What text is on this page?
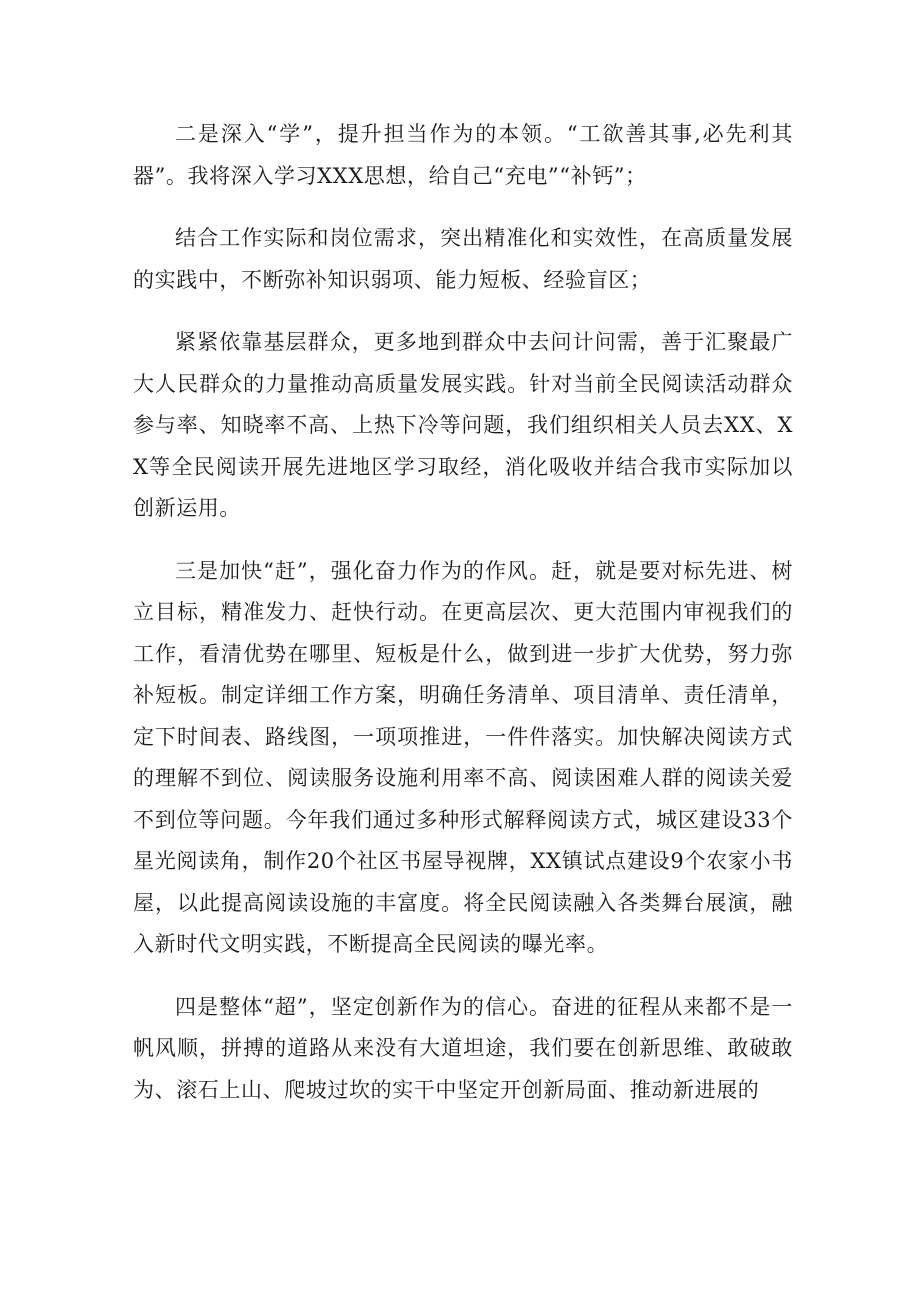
二是深入“学”，提升担当作为的本领。“工欲善其事,必先利其器”。我将深入学习XXX思想，给自己“充电”“补钙”；

结合工作实际和岗位需求，突出精准化和实效性，在高质量发展的实践中，不断弥补知识弱项、能力短板、经验盲区；

紧紧依靠基层群众，更多地到群众中去问计问需，善于汇聚最广大人民群众的力量推动高质量发展实践。针对当前全民阅读活动群众参与率、知晓率不高、上热下冷等问题，我们组织相关人员去XX、XX等全民阅读开展先进地区学习取经，消化吸收并结合我市实际加以创新运用。

三是加快“赶”，强化奋力作为的作风。赶，就是要对标先进、树立目标，精准发力、赶快行动。在更高层次、更大范围内审视我们的工作，看清优势在哪里、短板是什么，做到进一步扩大优势，努力弥补短板。制定详细工作方案，明确任务清单、项目清单、责任清单，定下时间表、路线图，一项项推进，一件件落实。加快解决阅读方式的理解不到位、阅读服务设施利用率不高、阅读困难人群的阅读关爱不到位等问题。今年我们通过多种形式解释阅读方式，城区建设33个星光阅读角，制作20个社区书屋导视牌，XX镇试点建设9个农家小书屋，以此提高阅读设施的丰富度。将全民阅读融入各类舞台展演，融入新时代文明实践，不断提高全民阅读的曝光率。

四是整体“超”，坚定创新作为的信心。奋进的征程从来都不是一帆风顺，拼搏的道路从来没有大道坦途，我们要在创新思维、敢破敢为、滚石上山、爬坡过坎的实干中坚定开创新局面、推动新进展的
